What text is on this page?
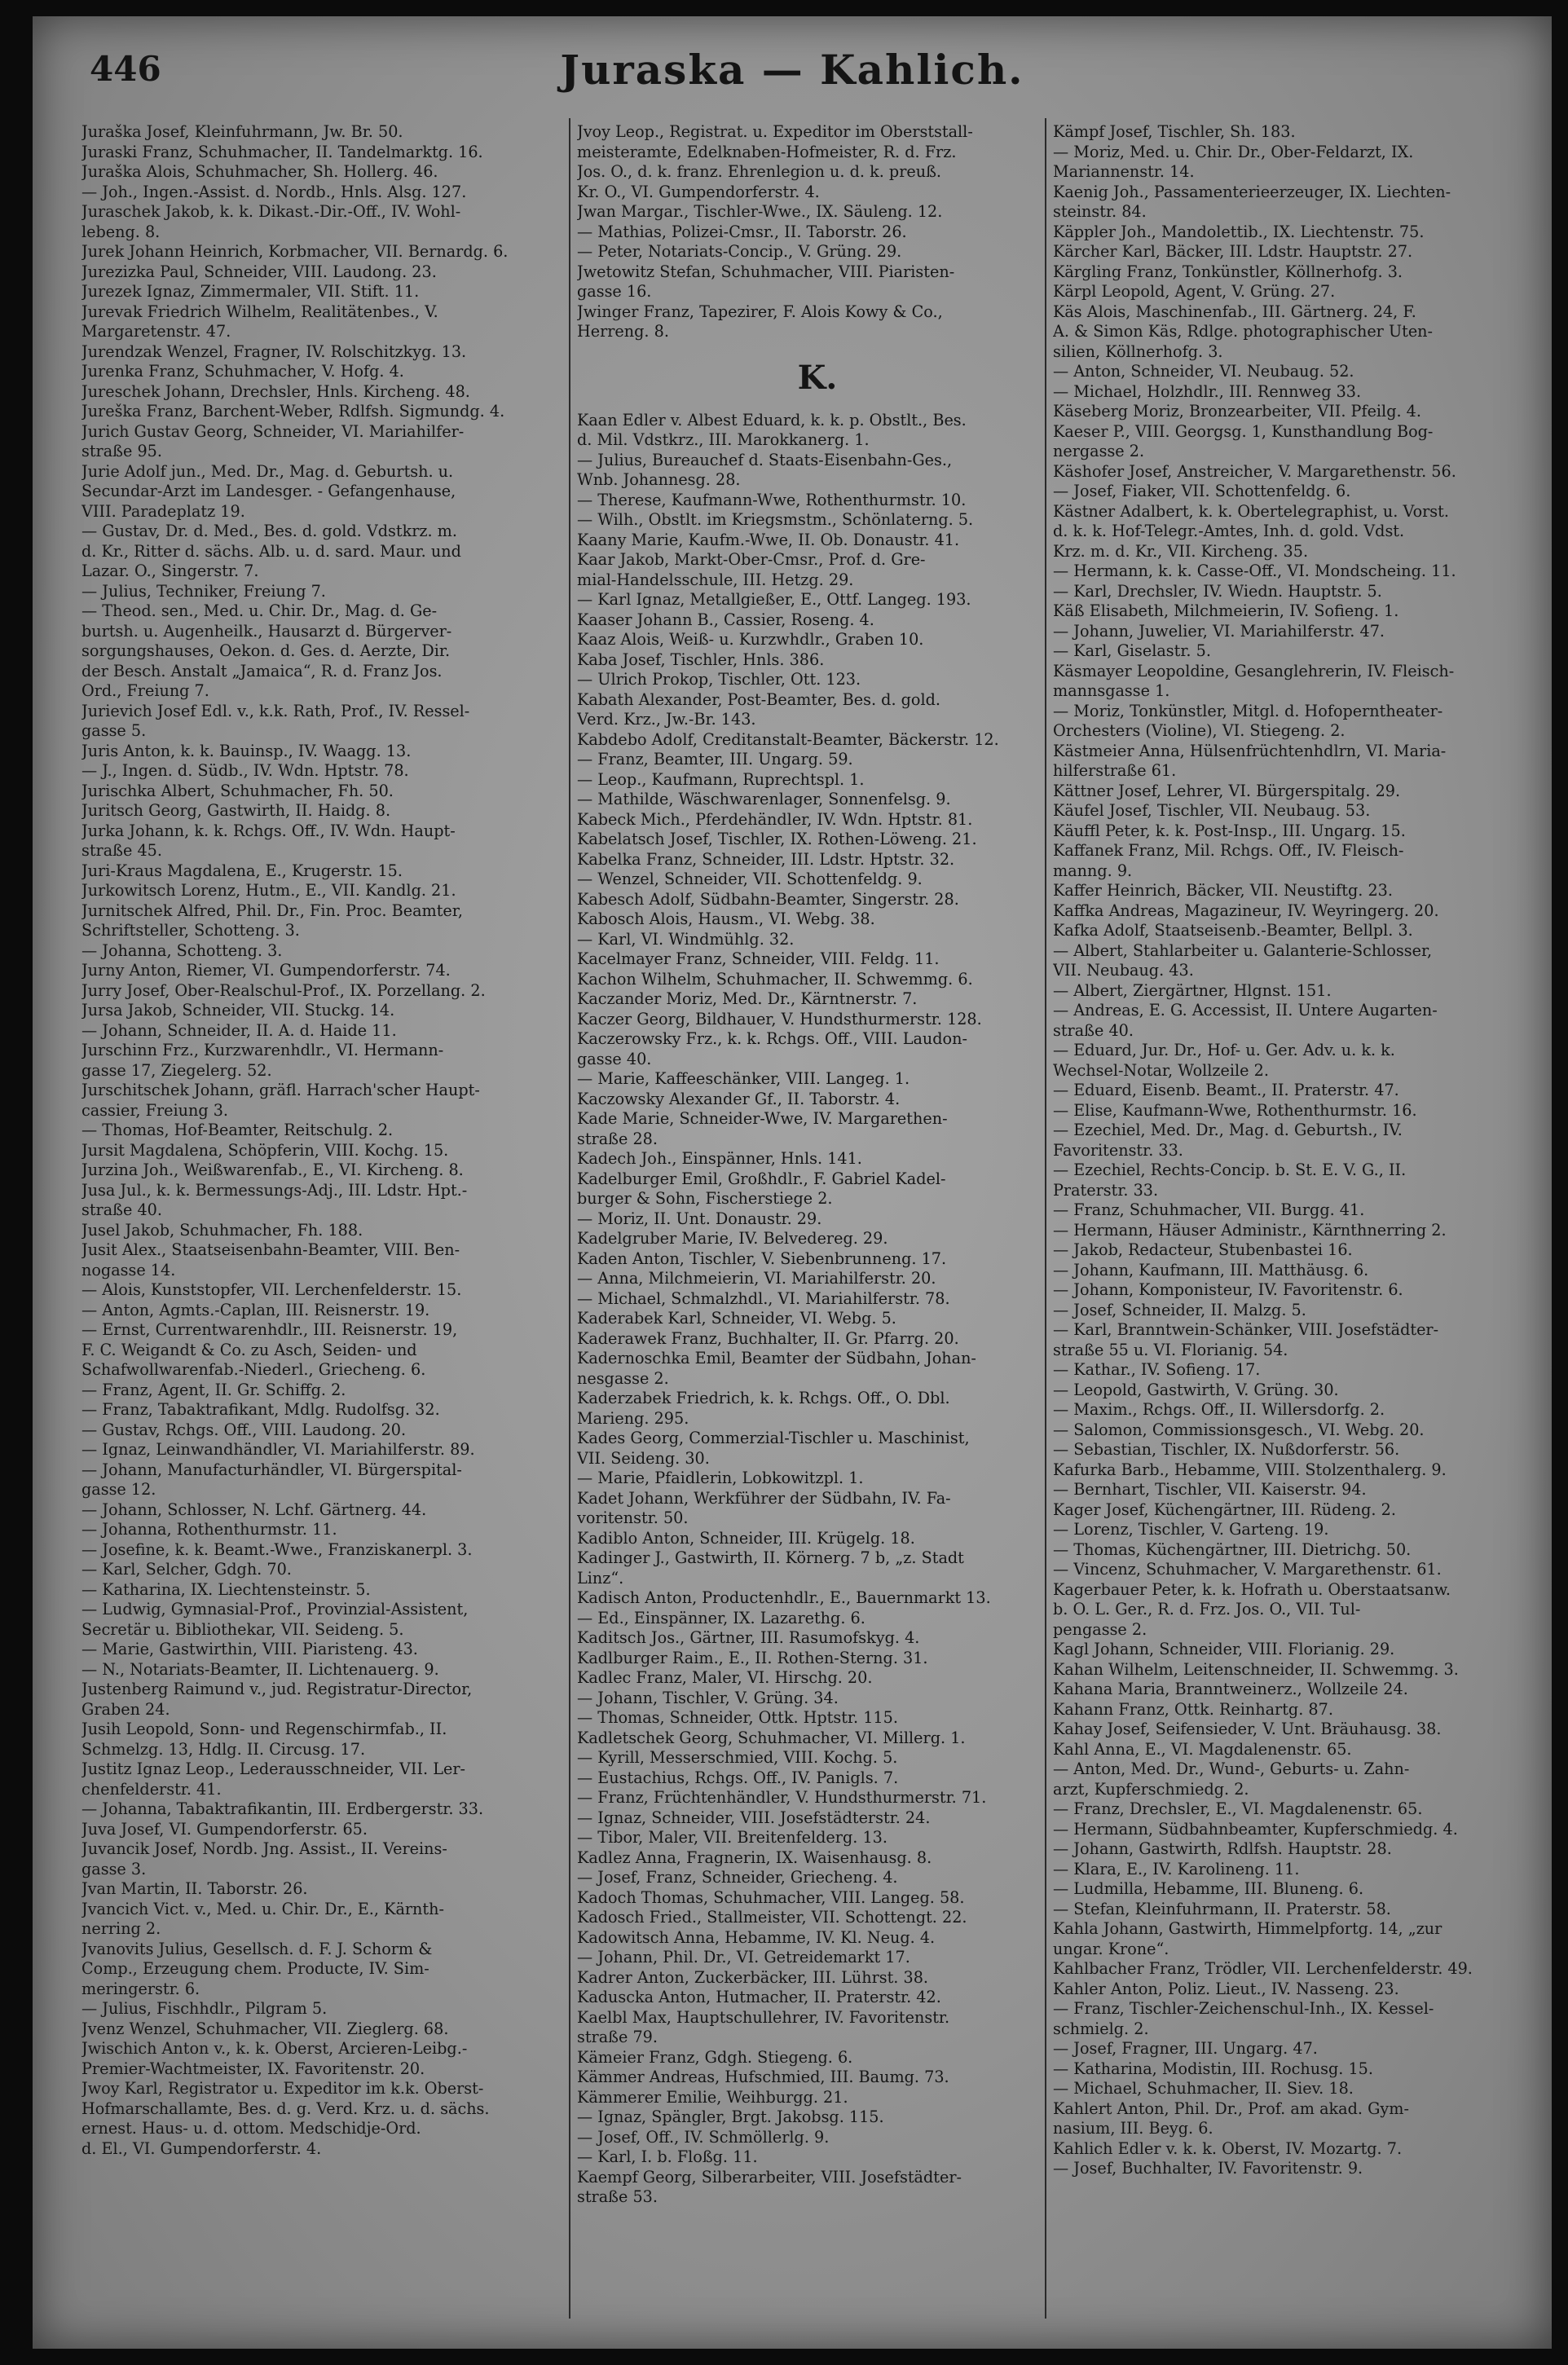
446	Juraska — Kahlich.
Juraška Josef, Kleinfuhrmann, Jw. Br. 50.
Juraski Franz, Schuhmacher, II. Tandelmarktg. 16.
Juraška Alois, Schuhmacher, Sh. Hollerg. 46.
— Joh., Ingen.-Assist. d. Nordb., Hnls. Alsg. 127.
Juraschek Jakob, k. k. Dikast.-Dir.-Off., IV. Wohl-
lebeng. 8.
Jurek Johann Heinrich, Korbmacher, VII. Bernardg. 6.
Jurezizka Paul, Schneider, VIII. Laudong. 23.
Jurezek Ignaz, Zimmermaler, VII. Stift. 11.
Jurevak Friedrich Wilhelm, Realitätenbes., V.
Margaretenstr. 47.
Jurendzak Wenzel, Fragner, IV. Rolschitzkyg. 13.
Jurenka Franz, Schuhmacher, V. Hofg. 4.
Jureschek Johann, Drechsler, Hnls. Kircheng. 48.
Jureška Franz, Barchent-Weber, Rdlfsh. Sigmundg. 4.
Jurich Gustav Georg, Schneider, VI. Mariahilfer-
straße 95.
Jurie Adolf jun., Med. Dr., Mag. d. Geburtsh. u.
Secundar-Arzt im Landesger. - Gefangenhause,
VIII. Paradeplatz 19.
— Gustav, Dr. d. Med., Bes. d. gold. Vdstkrz. m.
d. Kr., Ritter d. sächs. Alb. u. d. sard. Maur. und
Lazar. O., Singerstr. 7.
— Julius, Techniker, Freiung 7.
— Theod. sen., Med. u. Chir. Dr., Mag. d. Ge-
burtsh. u. Augenheilk., Hausarzt d. Bürgerver-
sorgungshauses, Oekon. d. Ges. d. Aerzte, Dir.
der Besch. Anstalt „Jamaica“, R. d. Franz Jos.
Ord., Freiung 7.
Jurievich Josef Edl. v., k.k. Rath, Prof., IV. Ressel-
gasse 5.
Juris Anton, k. k. Bauinsp., IV. Waagg. 13.
— J., Ingen. d. Südb., IV. Wdn. Hptstr. 78.
Jurischka Albert, Schuhmacher, Fh. 50.
Juritsch Georg, Gastwirth, II. Haidg. 8.
Jurka Johann, k. k. Rchgs. Off., IV. Wdn. Haupt-
straße 45.
Juri-Kraus Magdalena, E., Krugerstr. 15.
Jurkowitsch Lorenz, Hutm., E., VII. Kandlg. 21.
Jurnitschek Alfred, Phil. Dr., Fin. Proc. Beamter,
Schriftsteller, Schotteng. 3.
— Johanna, Schotteng. 3.
Jurny Anton, Riemer, VI. Gumpendorferstr. 74.
Jurry Josef, Ober-Realschul-Prof., IX. Porzellang. 2.
Jursa Jakob, Schneider, VII. Stuckg. 14.
— Johann, Schneider, II. A. d. Haide 11.
Jurschinn Frz., Kurzwarenhdlr., VI. Hermann-
gasse 17, Ziegelerg. 52.
Jurschitschek Johann, gräfl. Harrach'scher Haupt-
cassier, Freiung 3.
— Thomas, Hof-Beamter, Reitschulg. 2.
Jursit Magdalena, Schöpferin, VIII. Kochg. 15.
Jurzina Joh., Weißwarenfab., E., VI. Kircheng. 8.
Jusa Jul., k. k. Bermessungs-Adj., III. Ldstr. Hpt.-
straße 40.
Jusel Jakob, Schuhmacher, Fh. 188.
Jusit Alex., Staatseisenbahn-Beamter, VIII. Ben-
nogasse 14.
— Alois, Kunststopfer, VII. Lerchenfelderstr. 15.
— Anton, Agmts.-Caplan, III. Reisnerstr. 19.
— Ernst, Currentwarenhdlr., III. Reisnerstr. 19,
F. C. Weigandt & Co. zu Asch, Seiden- und
Schafwollwarenfab.-Niederl., Griecheng. 6.
— Franz, Agent, II. Gr. Schiffg. 2.
— Franz, Tabaktrafikant, Mdlg. Rudolfsg. 32.
— Gustav, Rchgs. Off., VIII. Laudong. 20.
— Ignaz, Leinwandhändler, VI. Mariahilferstr. 89.
— Johann, Manufacturhändler, VI. Bürgerspital-
gasse 12.
— Johann, Schlosser, N. Lchf. Gärtnerg. 44.
— Johanna, Rothenthurmstr. 11.
— Josefine, k. k. Beamt.-Wwe., Franziskanerpl. 3.
— Karl, Selcher, Gdgh. 70.
— Katharina, IX. Liechtensteinstr. 5.
— Ludwig, Gymnasial-Prof., Provinzial-Assistent,
Secretär u. Bibliothekar, VII. Seideng. 5.
— Marie, Gastwirthin, VIII. Piaristeng. 43.
— N., Notariats-Beamter, II. Lichtenauerg. 9.
Justenberg Raimund v., jud. Registratur-Director,
Graben 24.
Jusih Leopold, Sonn- und Regenschirmfab., II.
Schmelzg. 13, Hdlg. II. Circusg. 17.
Justitz Ignaz Leop., Lederausschneider, VII. Ler-
chenfelderstr. 41.
— Johanna, Tabaktrafikantin, III. Erdbergerstr. 33.
Juva Josef, VI. Gumpendorferstr. 65.
Juvancik Josef, Nordb. Jng. Assist., II. Vereins-
gasse 3.
Jvan Martin, II. Taborstr. 26.
Jvancich Vict. v., Med. u. Chir. Dr., E., Kärnth-
nerring 2.
Jvanovits Julius, Gesellsch. d. F. J. Schorm &
Comp., Erzeugung chem. Producte, IV. Sim-
meringerstr. 6.
— Julius, Fischhdlr., Pilgram 5.
Jvenz Wenzel, Schuhmacher, VII. Zieglerg. 68.
Jwischich Anton v., k. k. Oberst, Arcieren-Leibg.-
Premier-Wachtmeister, IX. Favoritenstr. 20.
Jwoy Karl, Registrator u. Expeditor im k.k. Oberst-
Hofmarschallamte, Bes. d. g. Verd. Krz. u. d. sächs.
ernest. Haus- u. d. ottom. Medschidje-Ord.
d. El., VI. Gumpendorferstr. 4.
Jvoy Leop., Registrat. u. Expeditor im Oberststall-
meisteramte, Edelknaben-Hofmeister, R. d. Frz.
Jos. O., d. k. franz. Ehrenlegion u. d. k. preuß.
Kr. O., VI. Gumpendorferstr. 4.
Jwan Margar., Tischler-Wwe., IX. Säuleng. 12.
— Mathias, Polizei-Cmsr., II. Taborstr. 26.
— Peter, Notariats-Concip., V. Grüng. 29.
Jwetowitz Stefan, Schuhmacher, VIII. Piaristen-
gasse 16.
Jwinger Franz, Tapezirer, F. Alois Kowy & Co.,
Herreng. 8.
K.
Kaan Edler v. Albest Eduard, k. k. p. Obstlt., Bes.
d. Mil. Vdstkrz., III. Marokkanerg. 1.
— Julius, Bureauchef d. Staats-Eisenbahn-Ges.,
Wnb. Johannesg. 28.
— Therese, Kaufmann-Wwe, Rothenthurmstr. 10.
— Wilh., Obstlt. im Kriegsmstm., Schönlaterng. 5.
Kaany Marie, Kaufm.-Wwe, II. Ob. Donaustr. 41.
Kaar Jakob, Markt-Ober-Cmsr., Prof. d. Gre-
mial-Handelsschule, III. Hetzg. 29.
— Karl Ignaz, Metallgießer, E., Ottf. Langeg. 193.
Kaaser Johann B., Cassier, Roseng. 4.
Kaaz Alois, Weiß- u. Kurzwhdlr., Graben 10.
Kaba Josef, Tischler, Hnls. 386.
— Ulrich Prokop, Tischler, Ott. 123.
Kabath Alexander, Post-Beamter, Bes. d. gold.
Verd. Krz., Jw.-Br. 143.
Kabdebo Adolf, Creditanstalt-Beamter, Bäckerstr. 12.
— Franz, Beamter, III. Ungarg. 59.
— Leop., Kaufmann, Ruprechtspl. 1.
— Mathilde, Wäschwarenlager, Sonnenfelsg. 9.
Kabeck Mich., Pferdehändler, IV. Wdn. Hptstr. 81.
Kabelatsch Josef, Tischler, IX. Rothen-Löweng. 21.
Kabelka Franz, Schneider, III. Ldstr. Hptstr. 32.
— Wenzel, Schneider, VII. Schottenfeldg. 9.
Kabesch Adolf, Südbahn-Beamter, Singerstr. 28.
Kabosch Alois, Hausm., VI. Webg. 38.
— Karl, VI. Windmühlg. 32.
Kacelmayer Franz, Schneider, VIII. Feldg. 11.
Kachon Wilhelm, Schuhmacher, II. Schwemmg. 6.
Kaczander Moriz, Med. Dr., Kärntnerstr. 7.
Kaczer Georg, Bildhauer, V. Hundsthurmerstr. 128.
Kaczerowsky Frz., k. k. Rchgs. Off., VIII. Laudon-
gasse 40.
— Marie, Kaffeeschänker, VIII. Langeg. 1.
Kaczowsky Alexander Gf., II. Taborstr. 4.
Kade Marie, Schneider-Wwe, IV. Margarethen-
straße 28.
Kadech Joh., Einspänner, Hnls. 141.
Kadelburger Emil, Großhdlr., F. Gabriel Kadel-
burger & Sohn, Fischerstiege 2.
— Moriz, II. Unt. Donaustr. 29.
Kadelgruber Marie, IV. Belvedereg. 29.
Kaden Anton, Tischler, V. Siebenbrunneng. 17.
— Anna, Milchmeierin, VI. Mariahilferstr. 20.
— Michael, Schmalzhdl., VI. Mariahilferstr. 78.
Kaderabek Karl, Schneider, VI. Webg. 5.
Kaderawek Franz, Buchhalter, II. Gr. Pfarrg. 20.
Kadernoschka Emil, Beamter der Südbahn, Johan-
nesgasse 2.
Kaderzabek Friedrich, k. k. Rchgs. Off., O. Dbl.
Marieng. 295.
Kades Georg, Commerzial-Tischler u. Maschinist,
VII. Seideng. 30.
— Marie, Pfaidlerin, Lobkowitzpl. 1.
Kadet Johann, Werkführer der Südbahn, IV. Fa-
voritenstr. 50.
Kadiblo Anton, Schneider, III. Krügelg. 18.
Kadinger J., Gastwirth, II. Körnerg. 7 b, „z. Stadt
Linz“.
Kadisch Anton, Productenhdlr., E., Bauernmarkt 13.
— Ed., Einspänner, IX. Lazarethg. 6.
Kaditsch Jos., Gärtner, III. Rasumofskyg. 4.
Kadlburger Raim., E., II. Rothen-Sterng. 31.
Kadlec Franz, Maler, VI. Hirschg. 20.
— Johann, Tischler, V. Grüng. 34.
— Thomas, Schneider, Ottk. Hptstr. 115.
Kadletschek Georg, Schuhmacher, VI. Millerg. 1.
— Kyrill, Messerschmied, VIII. Kochg. 5.
— Eustachius, Rchgs. Off., IV. Panigls. 7.
— Franz, Früchtenhändler, V. Hundsthurmerstr. 71.
— Ignaz, Schneider, VIII. Josefstädterstr. 24.
— Tibor, Maler, VII. Breitenfelderg. 13.
Kadlez Anna, Fragnerin, IX. Waisenhausg. 8.
— Josef, Franz, Schneider, Griecheng. 4.
Kadoch Thomas, Schuhmacher, VIII. Langeg. 58.
Kadosch Fried., Stallmeister, VII. Schottengt. 22.
Kadowitsch Anna, Hebamme, IV. Kl. Neug. 4.
— Johann, Phil. Dr., VI. Getreidemarkt 17.
Kadrer Anton, Zuckerbäcker, III. Lührst. 38.
Kaduscka Anton, Hutmacher, II. Praterstr. 42.
Kaelbl Max, Hauptschullehrer, IV. Favoritenstr.
straße 79.
Kämeier Franz, Gdgh. Stiegeng. 6.
Kämmer Andreas, Hufschmied, III. Baumg. 73.
Kämmerer Emilie, Weihburgg. 21.
— Ignaz, Spängler, Brgt. Jakobsg. 115.
— Josef, Off., IV. Schmöllerlg. 9.
— Karl, I. b. Floßg. 11.
Kaempf Georg, Silberarbeiter, VIII. Josefstädter-
straße 53.
Kämpf Josef, Tischler, Sh. 183.
— Moriz, Med. u. Chir. Dr., Ober-Feldarzt, IX.
Mariannenstr. 14.
Kaenig Joh., Passamenterieerzeuger, IX. Liechten-
steinstr. 84.
Käppler Joh., Mandolettib., IX. Liechtenstr. 75.
Kärcher Karl, Bäcker, III. Ldstr. Hauptstr. 27.
Kärgling Franz, Tonkünstler, Köllnerhofg. 3.
Kärpl Leopold, Agent, V. Grüng. 27.
Käs Alois, Maschinenfab., III. Gärtnerg. 24, F.
A. & Simon Käs, Rdlge. photographischer Uten-
silien, Köllnerhofg. 3.
— Anton, Schneider, VI. Neubaug. 52.
— Michael, Holzhdlr., III. Rennweg 33.
Käseberg Moriz, Bronzearbeiter, VII. Pfeilg. 4.
Kaeser P., VIII. Georgsg. 1, Kunsthandlung Bog-
nergasse 2.
Käshofer Josef, Anstreicher, V. Margarethenstr. 56.
— Josef, Fiaker, VII. Schottenfeldg. 6.
Kästner Adalbert, k. k. Obertelegraphist, u. Vorst.
d. k. k. Hof-Telegr.-Amtes, Inh. d. gold. Vdst.
Krz. m. d. Kr., VII. Kircheng. 35.
— Hermann, k. k. Casse-Off., VI. Mondscheing. 11.
— Karl, Drechsler, IV. Wiedn. Hauptstr. 5.
Käß Elisabeth, Milchmeierin, IV. Sofieng. 1.
— Johann, Juwelier, VI. Mariahilferstr. 47.
— Karl, Giselastr. 5.
Käsmayer Leopoldine, Gesanglehrerin, IV. Fleisch-
mannsgasse 1.
— Moriz, Tonkünstler, Mitgl. d. Hofoperntheater-
Orchesters (Violine), VI. Stiegeng. 2.
Kästmeier Anna, Hülsenfrüchtenhdlrn, VI. Maria-
hilferstraße 61.
Kättner Josef, Lehrer, VI. Bürgerspitalg. 29.
Käufel Josef, Tischler, VII. Neubaug. 53.
Käuffl Peter, k. k. Post-Insp., III. Ungarg. 15.
Kaffanek Franz, Mil. Rchgs. Off., IV. Fleisch-
manng. 9.
Kaffer Heinrich, Bäcker, VII. Neustiftg. 23.
Kaffka Andreas, Magazineur, IV. Weyringerg. 20.
Kafka Adolf, Staatseisenb.-Beamter, Bellpl. 3.
— Albert, Stahlarbeiter u. Galanterie-Schlosser,
VII. Neubaug. 43.
— Albert, Ziergärtner, Hlgnst. 151.
— Andreas, E. G. Accessist, II. Untere Augarten-
straße 40.
— Eduard, Jur. Dr., Hof- u. Ger. Adv. u. k. k.
Wechsel-Notar, Wollzeile 2.
— Eduard, Eisenb. Beamt., II. Praterstr. 47.
— Elise, Kaufmann-Wwe, Rothenthurmstr. 16.
— Ezechiel, Med. Dr., Mag. d. Geburtsh., IV.
Favoritenstr. 33.
— Ezechiel, Rechts-Concip. b. St. E. V. G., II.
Praterstr. 33.
— Franz, Schuhmacher, VII. Burgg. 41.
— Hermann, Häuser Administr., Kärnthnerring 2.
— Jakob, Redacteur, Stubenbastei 16.
— Johann, Kaufmann, III. Matthäusg. 6.
— Johann, Komponisteur, IV. Favoritenstr. 6.
— Josef, Schneider, II. Malzg. 5.
— Karl, Branntwein-Schänker, VIII. Josefstädter-
straße 55 u. VI. Florianig. 54.
— Kathar., IV. Sofieng. 17.
— Leopold, Gastwirth, V. Grüng. 30.
— Maxim., Rchgs. Off., II. Willersdorfg. 2.
— Salomon, Commissionsgesch., VI. Webg. 20.
— Sebastian, Tischler, IX. Nußdorferstr. 56.
Kafurka Barb., Hebamme, VIII. Stolzenthalerg. 9.
— Bernhart, Tischler, VII. Kaiserstr. 94.
Kager Josef, Küchengärtner, III. Rüdeng. 2.
— Lorenz, Tischler, V. Garteng. 19.
— Thomas, Küchengärtner, III. Dietrichg. 50.
— Vincenz, Schuhmacher, V. Margarethenstr. 61.
Kagerbauer Peter, k. k. Hofrath u. Oberstaatsanw.
b. O. L. Ger., R. d. Frz. Jos. O., VII. Tul-
pengasse 2.
Kagl Johann, Schneider, VIII. Florianig. 29.
Kahan Wilhelm, Leitenschneider, II. Schwemmg. 3.
Kahana Maria, Branntweinerz., Wollzeile 24.
Kahann Franz, Ottk. Reinhartg. 87.
Kahay Josef, Seifensieder, V. Unt. Bräuhausg. 38.
Kahl Anna, E., VI. Magdalenenstr. 65.
— Anton, Med. Dr., Wund-, Geburts- u. Zahn-
arzt, Kupferschmiedg. 2.
— Franz, Drechsler, E., VI. Magdalenenstr. 65.
— Hermann, Südbahnbeamter, Kupferschmiedg. 4.
— Johann, Gastwirth, Rdlfsh. Hauptstr. 28.
— Klara, E., IV. Karolineng. 11.
— Ludmilla, Hebamme, III. Bluneng. 6.
— Stefan, Kleinfuhrmann, II. Praterstr. 58.
Kahla Johann, Gastwirth, Himmelpfortg. 14, „zur
ungar. Krone“.
Kahlbacher Franz, Trödler, VII. Lerchenfelderstr. 49.
Kahler Anton, Poliz. Lieut., IV. Nasseng. 23.
— Franz, Tischler-Zeichenschul-Inh., IX. Kessel-
schmielg. 2.
— Josef, Fragner, III. Ungarg. 47.
— Katharina, Modistin, III. Rochusg. 15.
— Michael, Schuhmacher, II. Siev. 18.
Kahlert Anton, Phil. Dr., Prof. am akad. Gym-
nasium, III. Beyg. 6.
Kahlich Edler v. k. k. Oberst, IV. Mozartg. 7.
— Josef, Buchhalter, IV. Favoritenstr. 9.
